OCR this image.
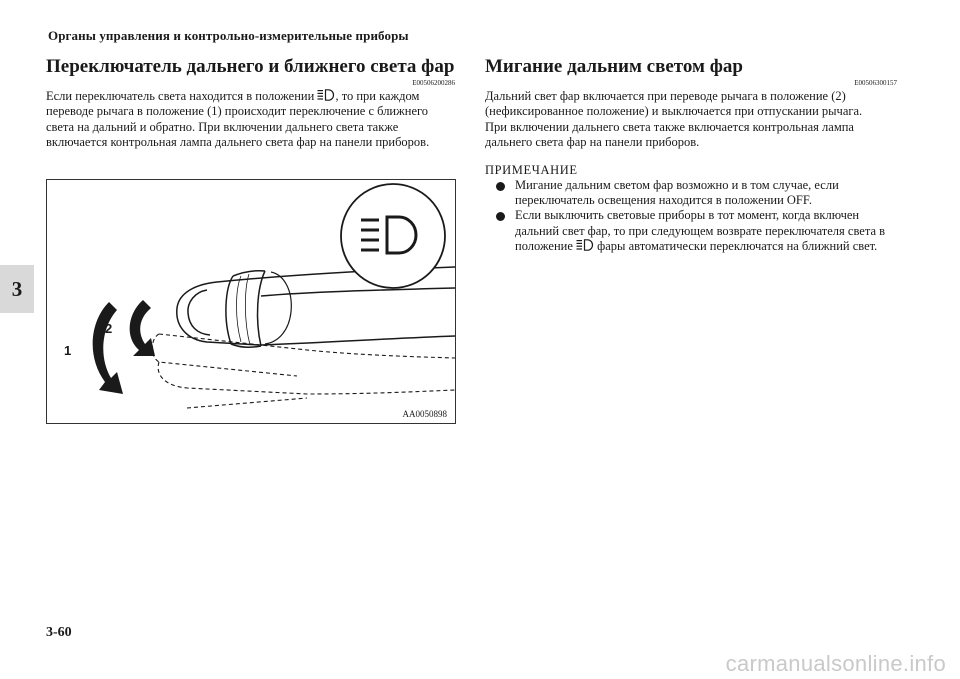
Органы управления и контрольно-измерительные приборы
3
Переключатель дальнего и ближнего света фар
E00506200286

Если переключатель света находится в положении , то при каждом переводе рычага в положение (1) происходит переключение с ближнего света на дальний и обратно. При включении дальнего света также включается контрольная лампа дальнего света фар на панели приборов.

1
2
AA0050898
Мигание дальним светом фар
E00506300157

Дальний свет фар включается при переводе рычага в положение (2) (нефиксированное положение) и выключается при отпускании рычага.

При включении дальнего света также включается контрольная лампа дальнего света фар на панели приборов.

ПРИМЕЧАНИЕ
Мигание дальним светом фар возможно и в том случае, если переключатель освещения находится в положении OFF.
Если выключить световые приборы в тот момент, когда включен дальний свет фар, то при следующем возврате переключателя света в положение фары автоматически переключатся на ближний свет.
3-60
carmanualsonline.info
